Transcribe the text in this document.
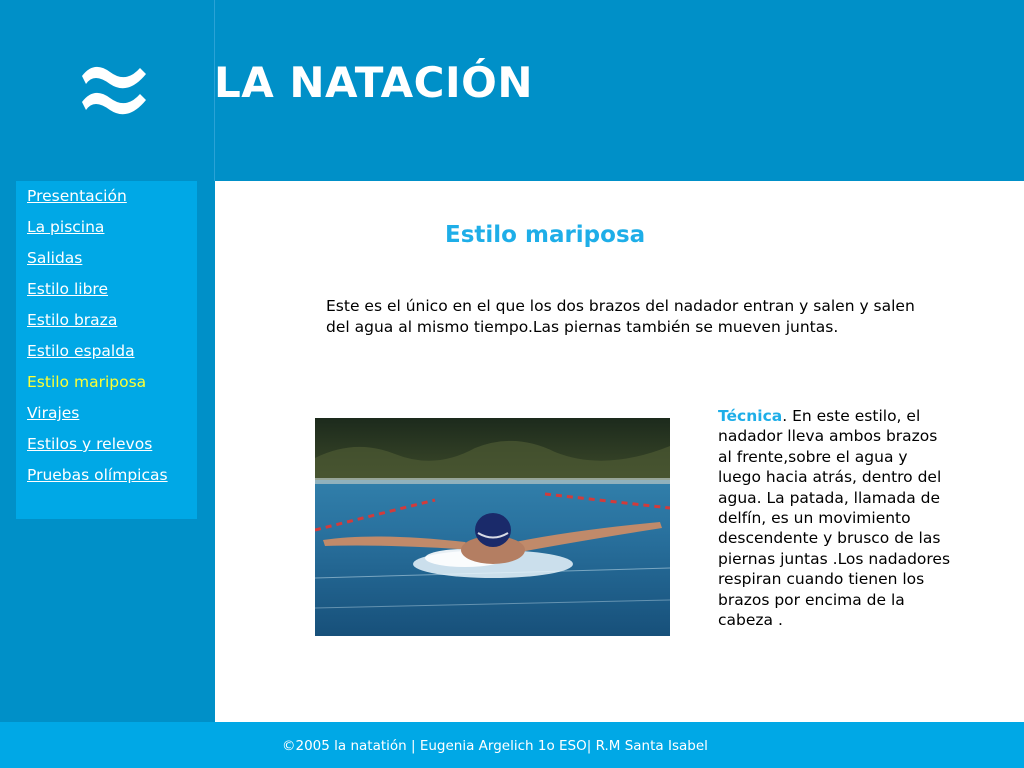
LA NATACIÓN
Presentación
La piscina
Salidas
Estilo libre
Estilo braza
Estilo espalda
Estilo mariposa
Virajes
Estilos y relevos
Pruebas olímpicas
Estilo mariposa

Este es el único en el que los dos brazos del nadador entran y salen y salen del agua al mismo tiempo.Las piernas también se mueven juntas.

Técnica. En este estilo, el nadador lleva ambos brazos al frente,sobre el agua y luego hacia atrás, dentro del agua. La patada, llamada de delfín, es un movimiento descendente y brusco de las piernas juntas .Los nadadores respiran cuando tienen los brazos por encima de la cabeza .

©2005 la natatión | Eugenia Argelich 1o ESO| R.M Santa Isabel
